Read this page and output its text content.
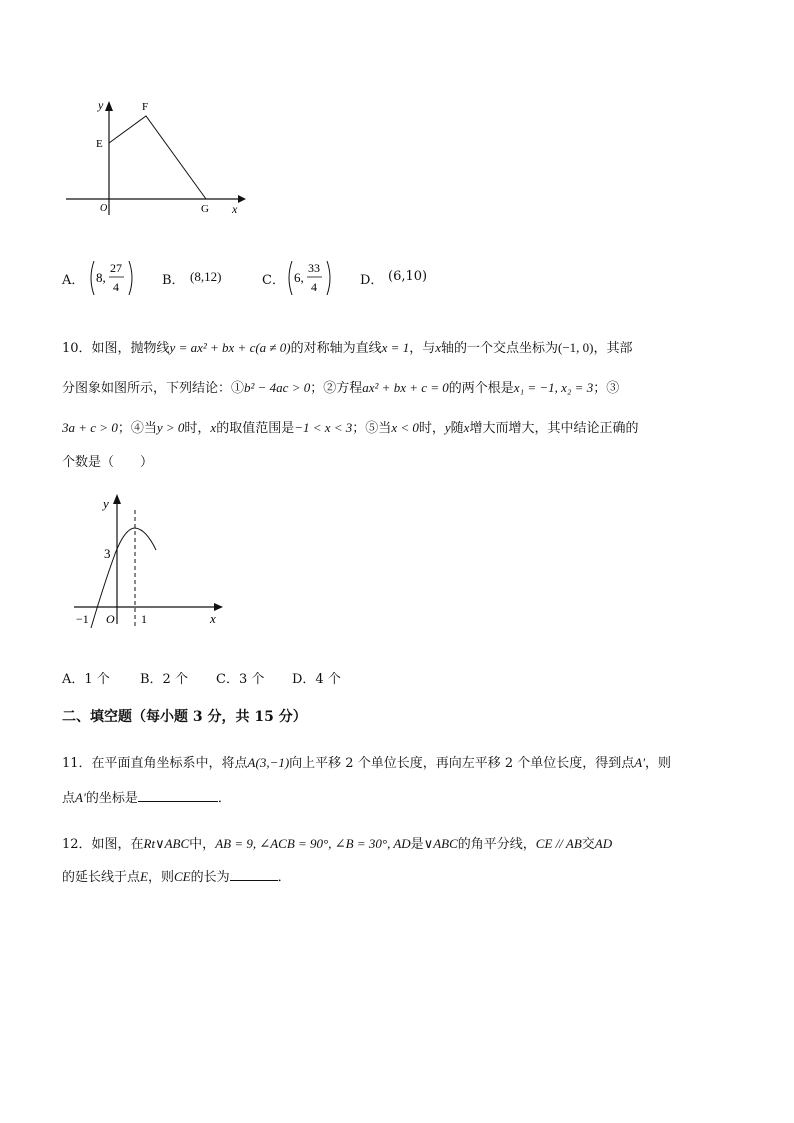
y
E
F
G
O	x
A． 8,
27
4	B． (8,12)	C． 6,
33
4	D． (6,10)
10．如图，抛物线y = ax² + bx + c(a ≠ 0)的对称轴为直线x = 1，与x轴的一个交点坐标为(−1, 0)，其部
分图象如图所示，下列结论：①b² − 4ac > 0；②方程ax² + bx + c = 0的两个根是x₁ = −1, x₂ = 3；③
3a + c > 0；④当y > 0时，x的取值范围是−1 < x < 3；⑤当x < 0时，y随x增大而增大，其中结论正确的
个数是（　　）
y
3
−1 O 1	x
A．1 个 B．2 个 C．3 个 D．4 个
二、填空题（每小题 3 分，共 15 分）
11．在平面直角坐标系中，将点A(3,−1)向上平移 2 个单位长度，再向左平移 2 个单位长度，得到点A′，则
点A′的坐标是	．
12．如图，在Rt∨ABC中，AB = 9, ∠ACB = 90°, ∠B = 30°, AD是∨ABC的角平分线，CE // AB交AD
的延长线于点E，则CE的长为	．
